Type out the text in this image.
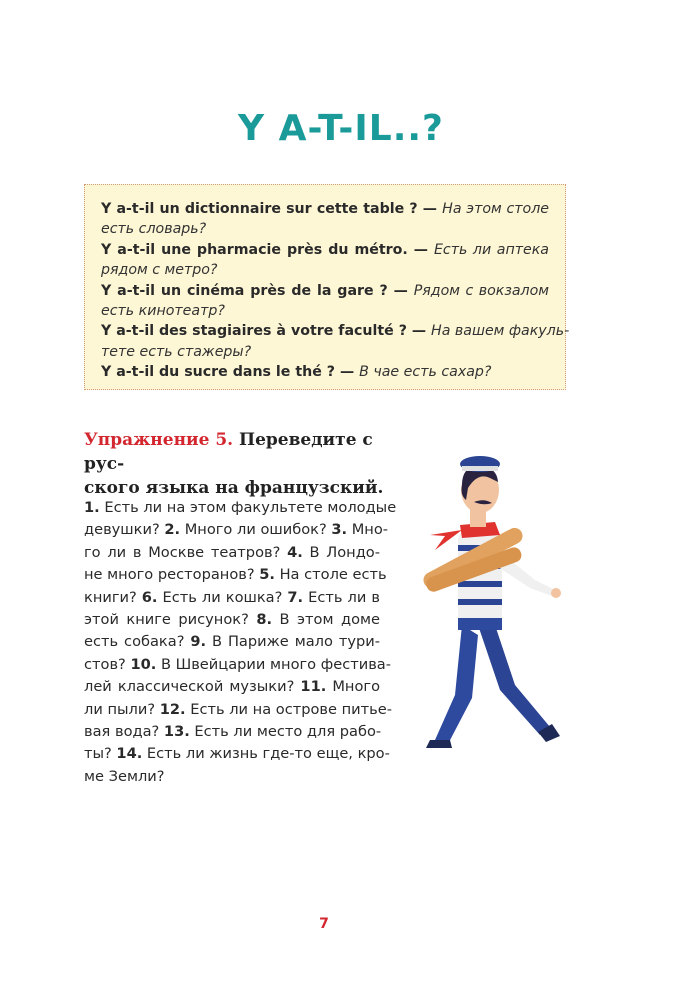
Y A-T-IL..?
Y a-t-il un dictionnaire sur cette table ? — На этом столе
есть словарь?
Y a-t-il une pharmacie près du métro. — Есть ли аптека
рядом с метро?
Y a-t-il un cinéma près de la gare ? — Рядом с вокзалом
есть кинотеатр?
Y a-t-il des stagiaires à votre faculté ? — На вашем факуль-
тете есть стажеры?
Y a-t-il du sucre dans le thé ? — В чае есть сахар?
Упражнение 5. Переведите с рус-
ского языка на французский.
1. Есть ли на этом факультете молодые
девушки? 2. Много ли ошибок? 3. Мно-
го ли в Москве театров? 4. В Лондо-
не много ресторанов? 5. На столе есть
книги? 6. Есть ли кошка? 7. Есть ли в
этой книге рисунок? 8. В этом доме
есть собака? 9. В Париже мало тури-
стов? 10. В Швейцарии много фестива-
лей классической музыки? 11. Много
ли пыли? 12. Есть ли на острове питье-
вая вода? 13. Есть ли место для рабо-
ты? 14. Есть ли жизнь где-то еще, кро-
ме Земли?
7
